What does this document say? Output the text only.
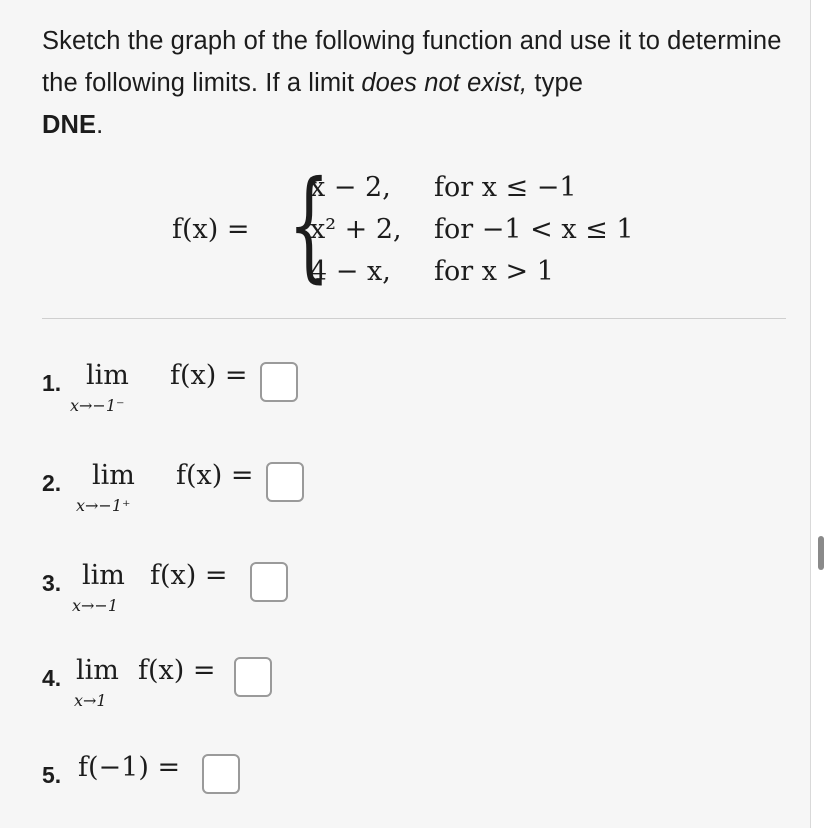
Sketch the graph of the following function and use it to determine the following limits. If a limit does not exist, type
DNE.
f(x) = {
x − 2, for x ≤ −1
x² + 2, for −1 < x ≤ 1
4 − x, for x > 1
1. lim
x→−1⁻
f(x) =
2. lim
x→−1⁺
f(x) =
3. lim
x→−1
f(x) =
4. lim
x→1
f(x) =
5. f(−1) =
